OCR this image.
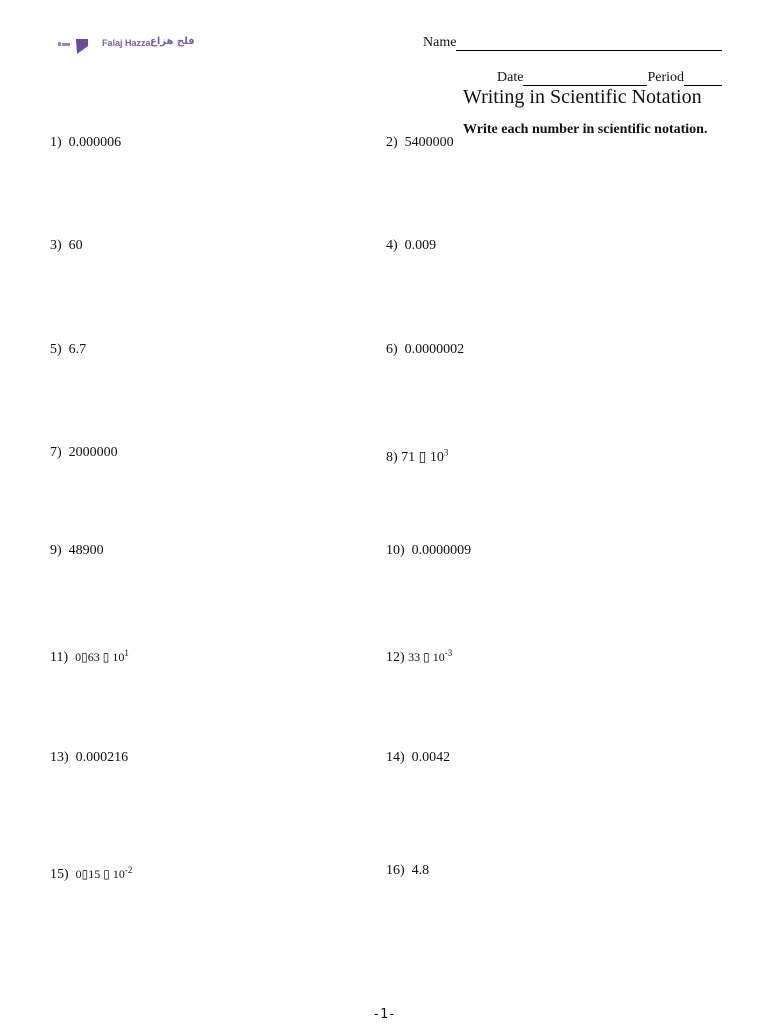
Falaj Hazza فلج هزاع	Name
Date	Period
Writing in Scientific Notation
Write each number in scientific notation.
1) 0.000006	2) 5400000
3) 60	4) 0.009
5) 6.7	6) 0.0000002
7) 2000000	8) 71 ▯ $10^3$
9) 48900	10) 0.0000009
11) 0▯63 ▯ $10^1$	12) 33 ▯ $10^{-3}$
13) 0.000216	14) 0.0042
15) 0▯15 ▯ $10^{-2}$	16) 4.8
-1-
